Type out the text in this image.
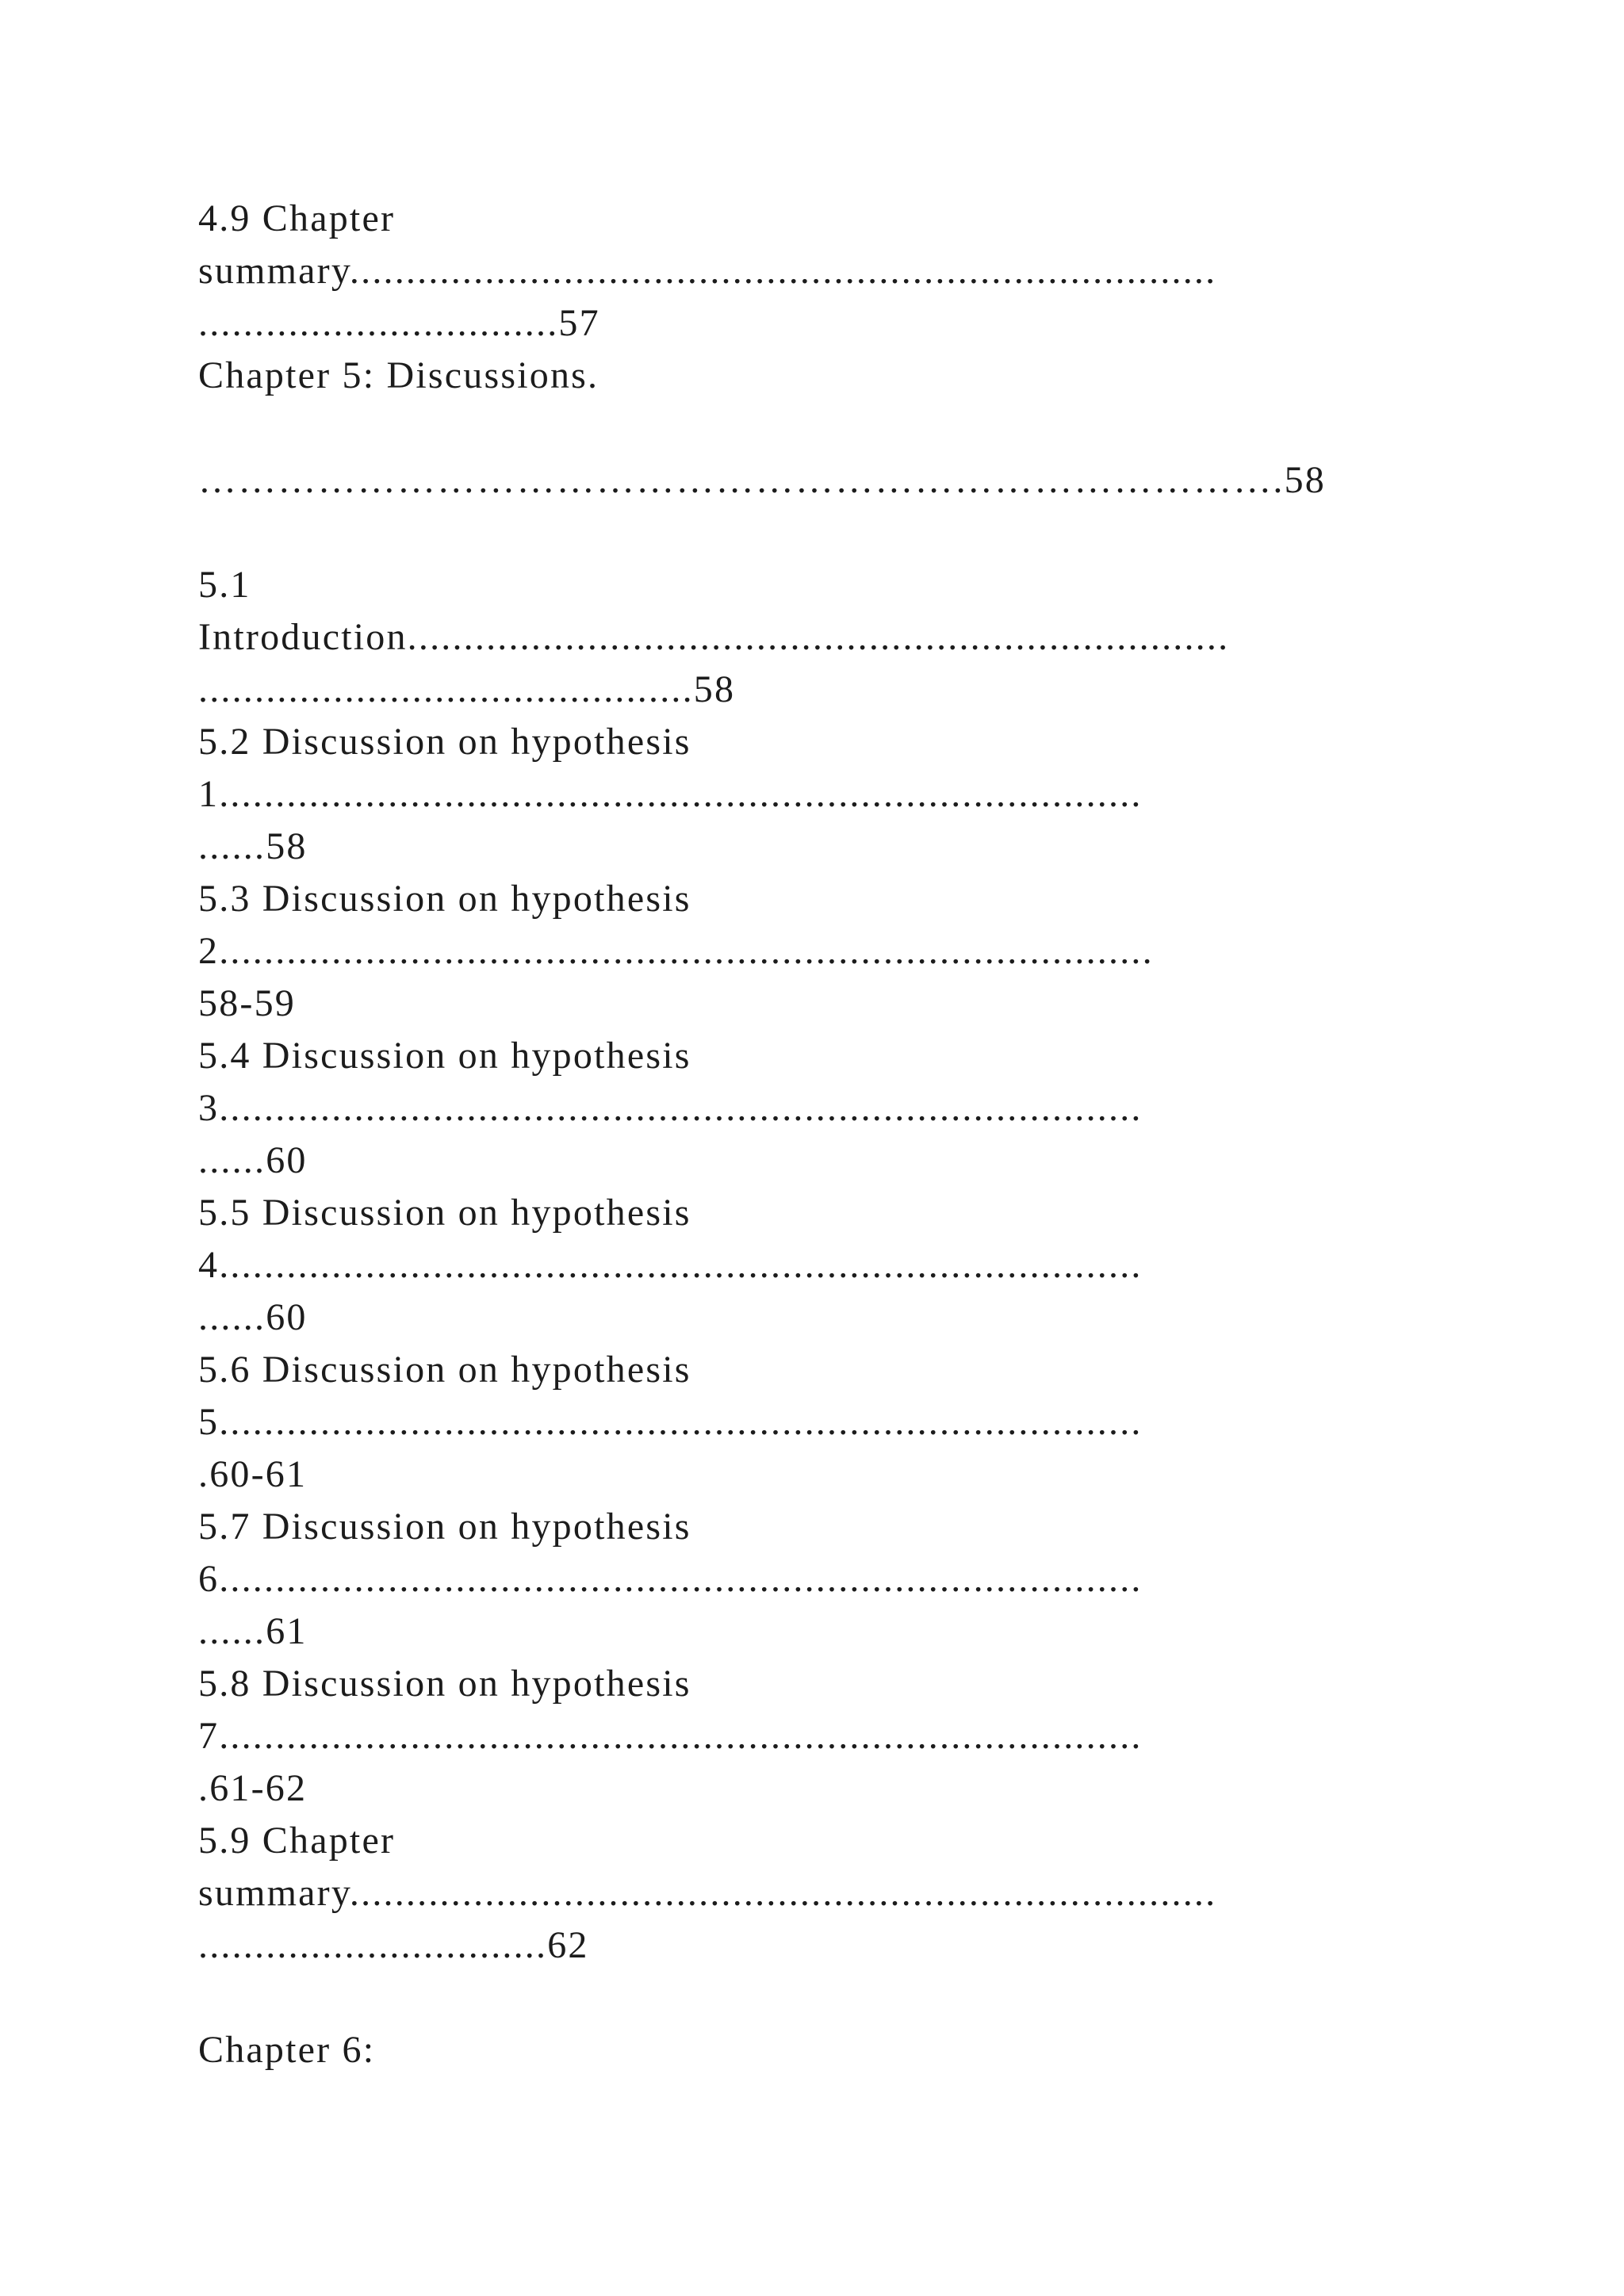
4.9 Chapter
summary.............................................................................
................................57
Chapter 5: Discussions.
……………………………………………………………………….58
5.1
Introduction.........................................................................
............................................58
5.2 Discussion on hypothesis
1..................................................................................
......58
5.3 Discussion on hypothesis
2...................................................................................
58-59
5.4 Discussion on hypothesis
3..................................................................................
......60
5.5 Discussion on hypothesis
4..................................................................................
......60
5.6 Discussion on hypothesis
5..................................................................................
.60-61
5.7 Discussion on hypothesis
6..................................................................................
......61
5.8 Discussion on hypothesis
7..................................................................................
.61-62
5.9 Chapter
summary.............................................................................
...............................62
Chapter 6:
